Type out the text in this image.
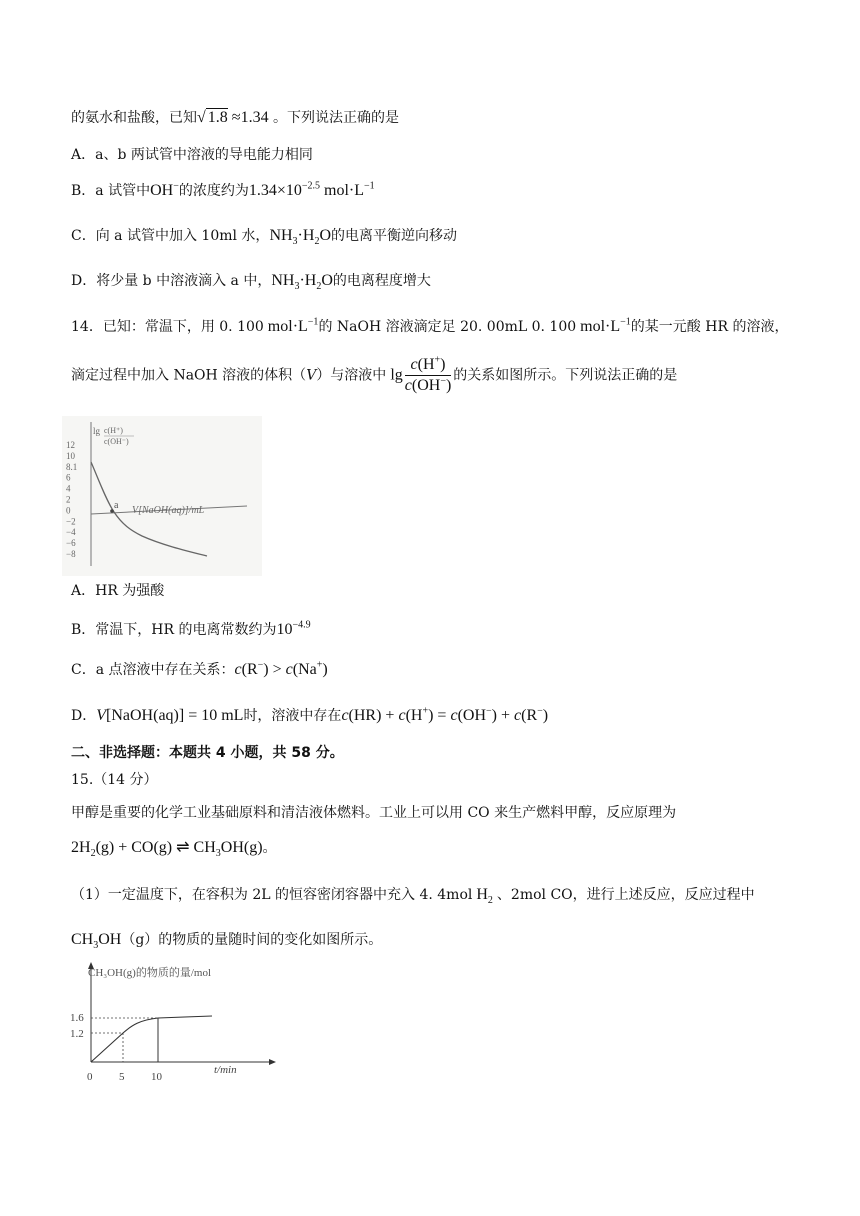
的氨水和盐酸，已知√ 1.8 ≈1.34 。下列说法正确的是
A．a、b 两试管中溶液的导电能力相同
B．a 试管中OH−的浓度约为$1.34\times 10^{-2.5}$ $mol\cdot L^{-1}$
C．向 a 试管中加入 10ml 水，$NH_3\cdot H_2O$的电离平衡逆向移动
D．将少量 b 中溶液滴入 a 中，$NH_3\cdot H_2O$的电离程度增大
14．已知：常温下，用 0. 100 $mol\cdot L^{-1}$的 NaOH 溶液滴定足 20. 00mL 0. 100 $mol\cdot L^{-1}$的某一元酸 HR 的溶液，
滴定过程中加入 NaOH 溶液的体积（V）与溶液中 $\lg \frac{c(H^+)}{c(OH^-)}$ 的关系如图所示。下列说法正确的是
lg c(H⁺)
c(OH⁻)
12
10
8.1
6
4
2
0
−2
−4
−6
−8
a V[NaOH(aq)]/mL
A．HR 为强酸
B．常温下，HR 的电离常数约为$10^{-4.9}$
C．a 点溶液中存在关系：c(R−) > c(Na+)
D．V[NaOH(aq)] = 10 mL时，溶液中存在c(HR) + c(H+) = c(OH−) + c(R−)
二、非选择题：本题共 4 小题，共 58 分。
15.（14 分）
甲醇是重要的化学工业基础原料和清洁液体燃料。工业上可以用 CO 来生产燃料甲醇，反应原理为
$2H_2(g) + CO(g)$ ⇌ $CH_3OH(g)$。
（1）一定温度下，在容积为 2L 的恒容密闭容器中充入 4. 4mol $H_2$ 、2mol CO，进行上述反应，反应过程中
$CH_3OH(g)$的物质的量随时间的变化如图所示。
CH₃OH(g)的物质的量/mol
1.6
1.2
0 5 10
t/min
